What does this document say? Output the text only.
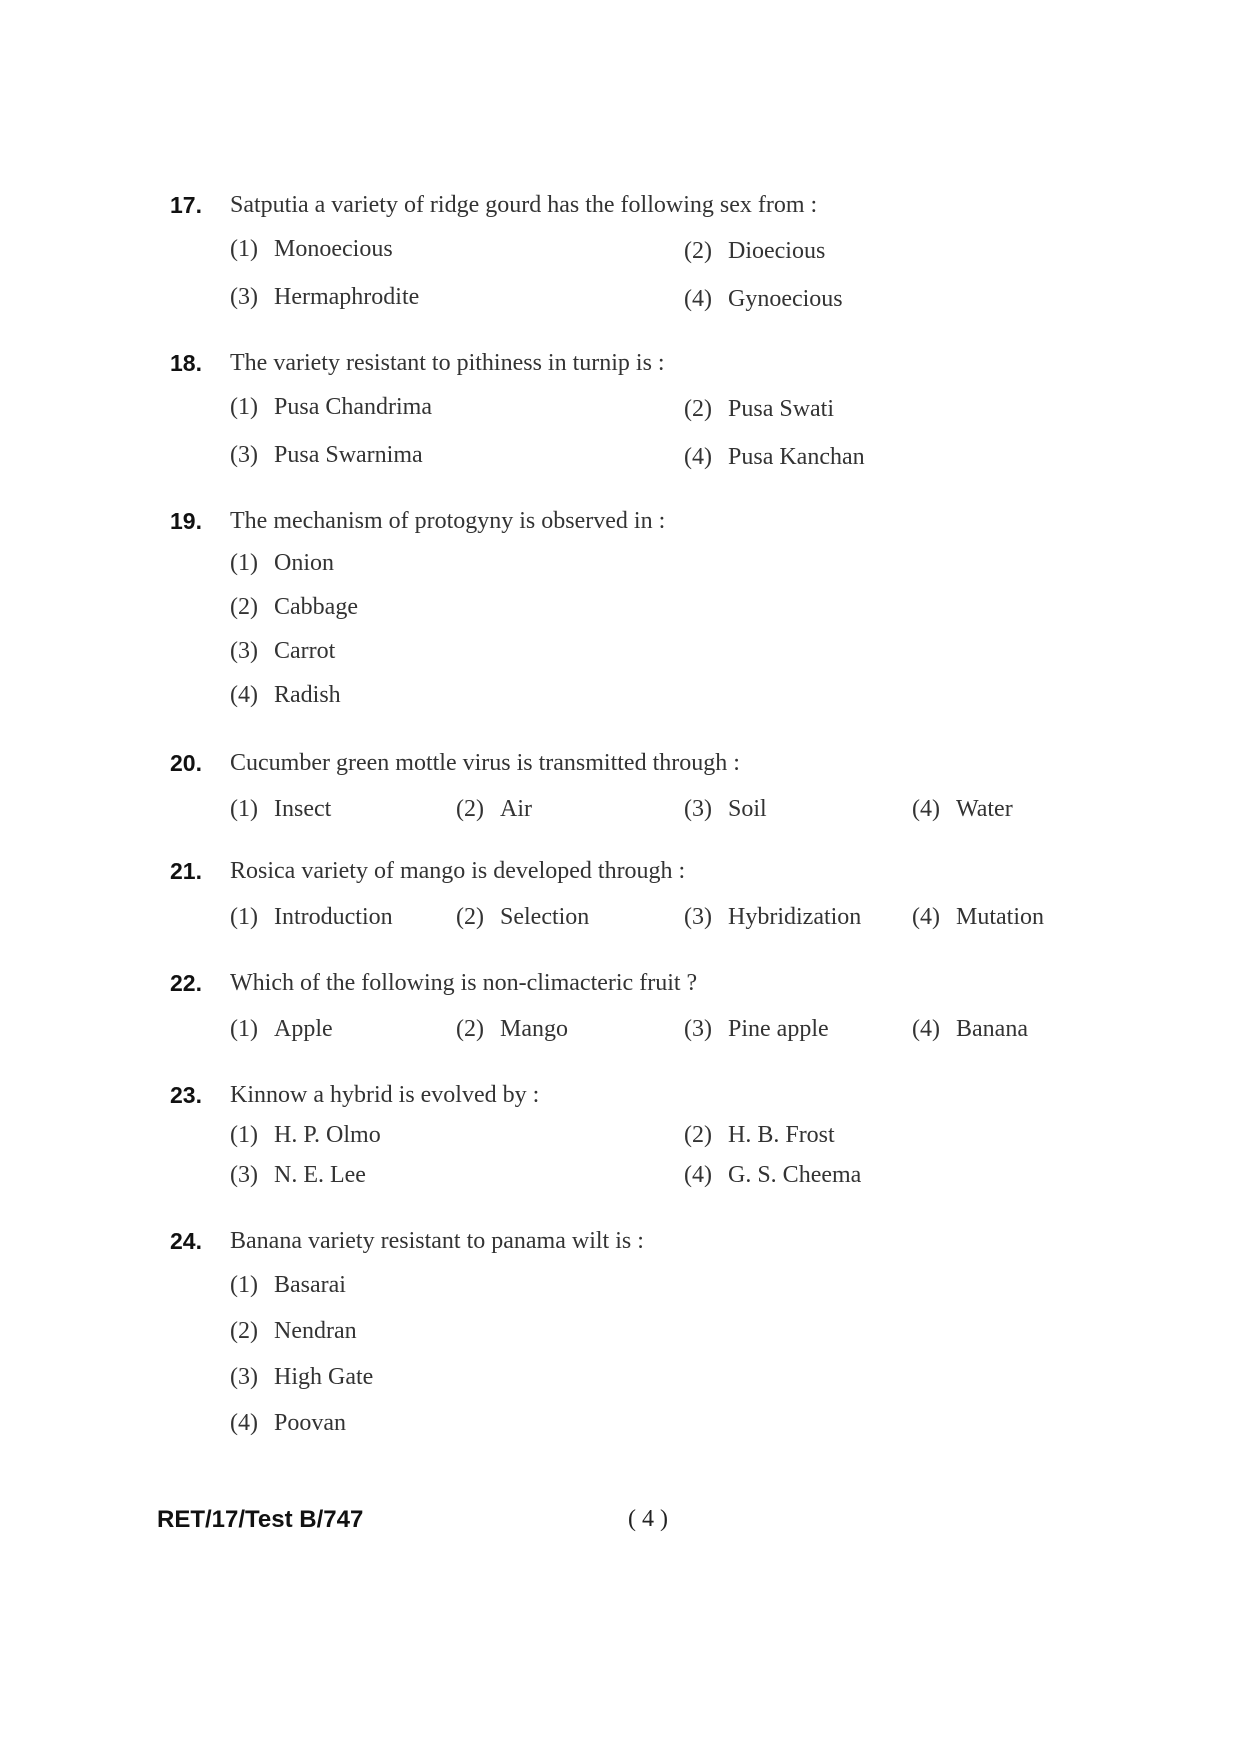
17.	Satputia a variety of ridge gourd has the following sex from :
(1) Monoecious	(2) Dioecious
(3) Hermaphrodite	(4) Gynoecious
18.	The variety resistant to pithiness in turnip is :
(1) Pusa Chandrima	(2) Pusa Swati
(3) Pusa Swarnima	(4) Pusa Kanchan
19.	The mechanism of protogyny is observed in :
(1) Onion
(2) Cabbage
(3) Carrot
(4) Radish
20.	Cucumber green mottle virus is transmitted through :
(1) Insect	(2) Air	(3) Soil	(4) Water
21.	Rosica variety of mango is developed through :
(1) Introduction	(2) Selection	(3) Hybridization (4) Mutation
22.	Which of the following is non-climacteric fruit ?
(1) Apple	(2) Mango	(3) Pine apple	(4) Banana
23.	Kinnow a hybrid is evolved by :
(1) H. P. Olmo	(2) H. B. Frost
(3) N. E. Lee	(4) G. S. Cheema
24.	Banana variety resistant to panama wilt is :
(1) Basarai
(2) Nendran
(3) High Gate
(4) Poovan
RET/17/Test B/747	( 4 )
